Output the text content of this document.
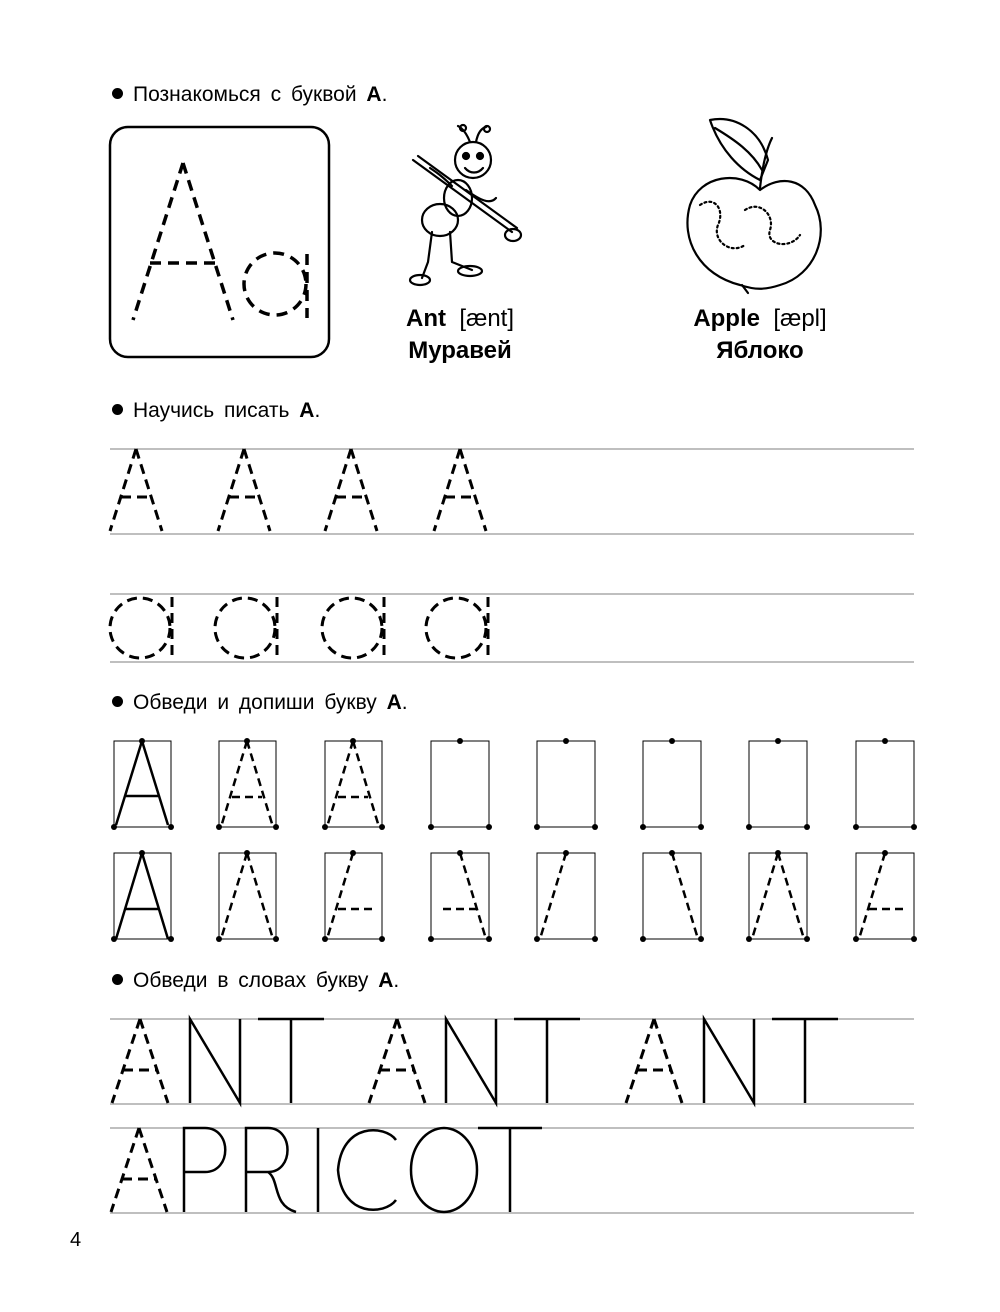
Познакомься с буквой А.
Научись писать А.
Обведи и допиши букву А.
Обведи в словах букву А.
Ant [ænt]
Муравей
Apple [æpl]
Яблоко
4
